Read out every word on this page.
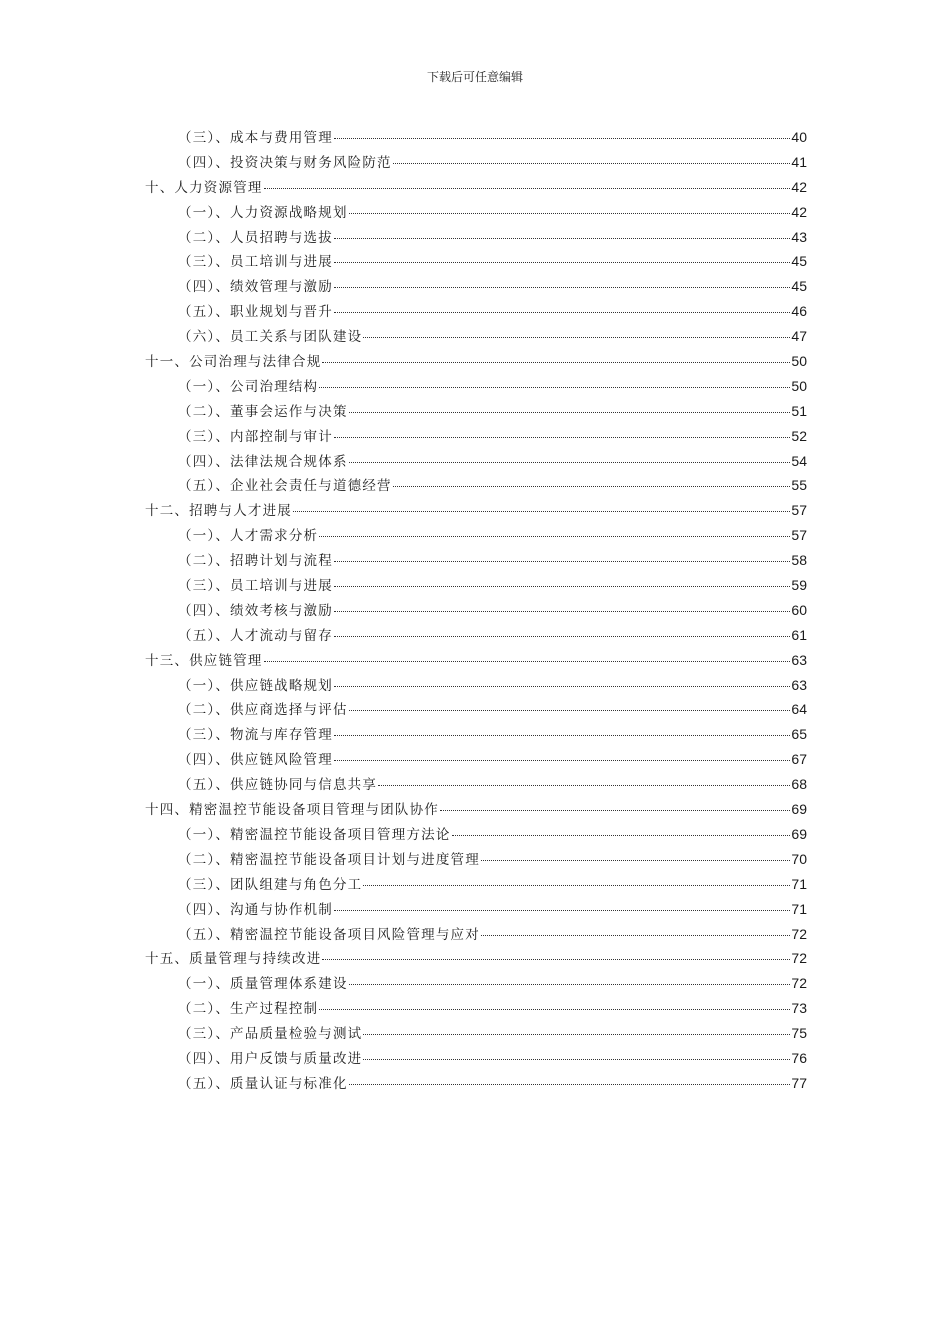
下载后可任意编辑
（三）、成本与费用管理	40
（四）、投资决策与财务风险防范	41
十、人力资源管理	42
（一）、人力资源战略规划	42
（二）、人员招聘与选拔	43
（三）、员工培训与进展	45
（四）、绩效管理与激励	45
（五）、职业规划与晋升	46
（六）、员工关系与团队建设	47
十一、公司治理与法律合规	50
（一）、公司治理结构	50
（二）、董事会运作与决策	51
（三）、内部控制与审计	52
（四）、法律法规合规体系	54
（五）、企业社会责任与道德经营	55
十二、招聘与人才进展	57
（一）、人才需求分析	57
（二）、招聘计划与流程	58
（三）、员工培训与进展	59
（四）、绩效考核与激励	60
（五）、人才流动与留存	61
十三、供应链管理	63
（一）、供应链战略规划	63
（二）、供应商选择与评估	64
（三）、物流与库存管理	65
（四）、供应链风险管理	67
（五）、供应链协同与信息共享	68
十四、精密温控节能设备项目管理与团队协作	69
（一）、精密温控节能设备项目管理方法论	69
（二）、精密温控节能设备项目计划与进度管理	70
（三）、团队组建与角色分工	71
（四）、沟通与协作机制	71
（五）、精密温控节能设备项目风险管理与应对	72
十五、质量管理与持续改进	72
（一）、质量管理体系建设	72
（二）、生产过程控制	73
（三）、产品质量检验与测试	75
（四）、用户反馈与质量改进	76
（五）、质量认证与标准化	77
